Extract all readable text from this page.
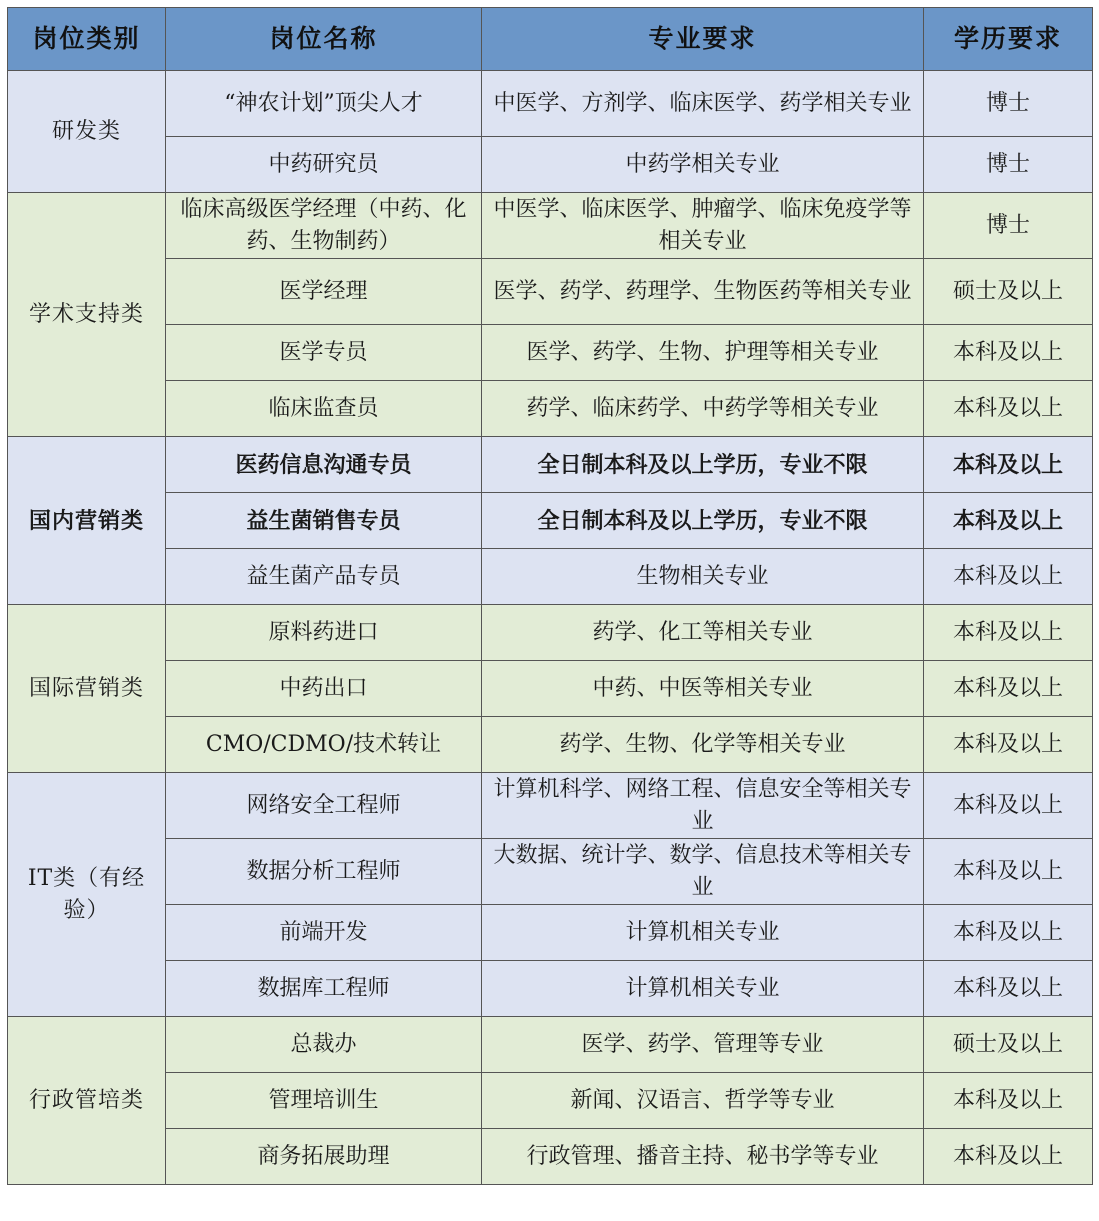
岗位类别	岗位名称	专业要求	学历要求
研发类	“神农计划”顶尖人才	中医学、方剂学、临床医学、药学相关专业	博士
	中药研究员	中药学相关专业	博士
学术支持类	临床高级医学经理（中药、化药、生物制药）	中医学、临床医学、肿瘤学、临床免疫学等相关专业	博士
	医学经理	医学、药学、药理学、生物医药等相关专业	硕士及以上
	医学专员	医学、药学、生物、护理等相关专业	本科及以上
	临床监查员	药学、临床药学、中药学等相关专业	本科及以上
国内营销类	医药信息沟通专员	全日制本科及以上学历，专业不限	本科及以上
	益生菌销售专员	全日制本科及以上学历，专业不限	本科及以上
	益生菌产品专员	生物相关专业	本科及以上
国际营销类	原料药进口	药学、化工等相关专业	本科及以上
	中药出口	中药、中医等相关专业	本科及以上
	CMO/CDMO/技术转让	药学、生物、化学等相关专业	本科及以上
IT类（有经验）	网络安全工程师	计算机科学、网络工程、信息安全等相关专业	本科及以上
	数据分析工程师	大数据、统计学、数学、信息技术等相关专业	本科及以上
	前端开发	计算机相关专业	本科及以上
	数据库工程师	计算机相关专业	本科及以上
行政管培类	总裁办	医学、药学、管理等专业	硕士及以上
	管理培训生	新闻、汉语言、哲学等专业	本科及以上
	商务拓展助理	行政管理、播音主持、秘书学等专业	本科及以上
